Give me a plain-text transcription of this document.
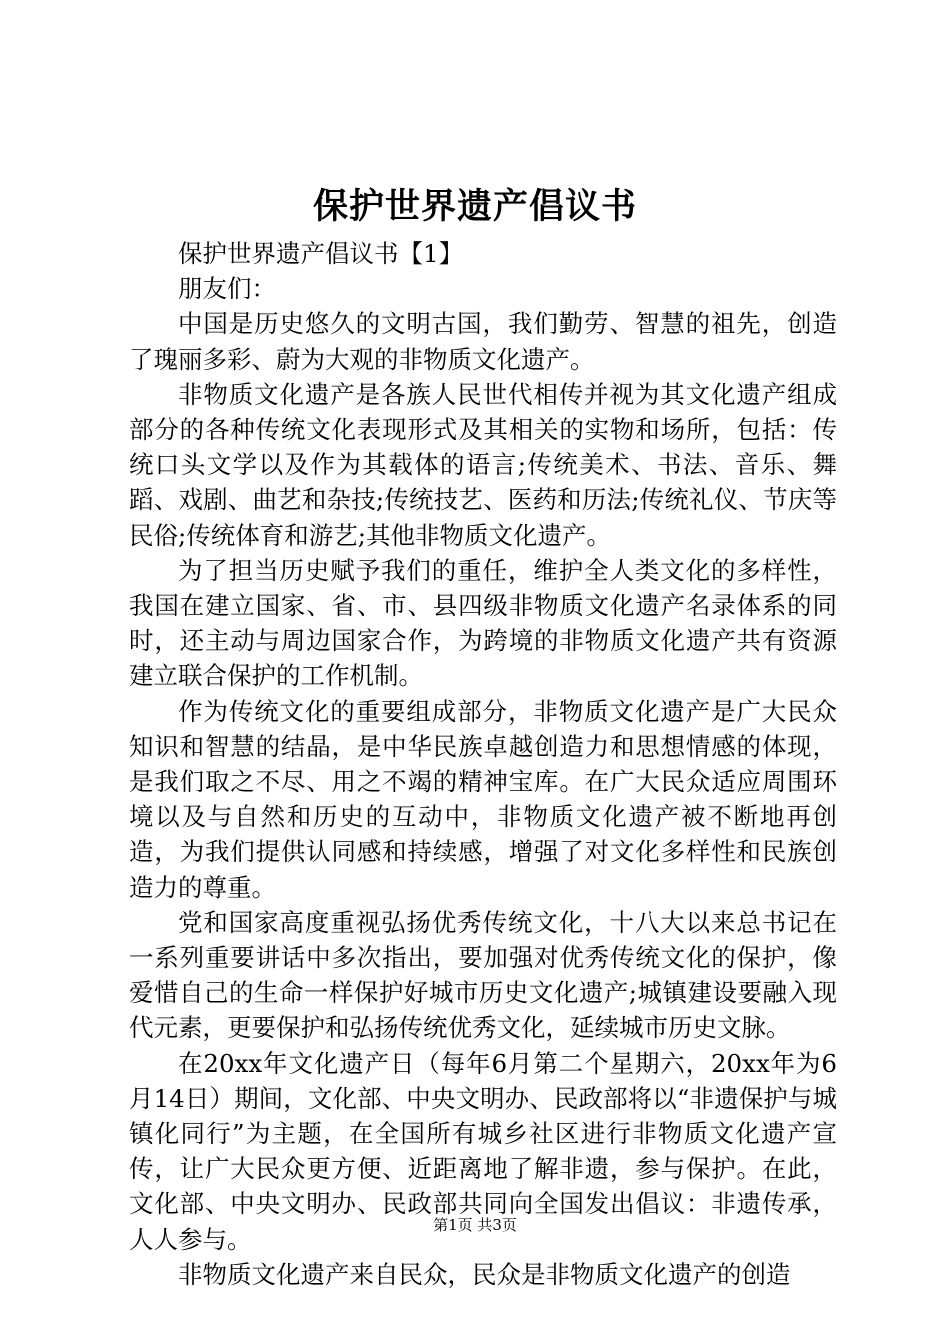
保护世界遗产倡议书

保护世界遗产倡议书【1】

朋友们：

中国是历史悠久的文明古国，我们勤劳、智慧的祖先，创造了瑰丽多彩、蔚为大观的非物质文化遗产。

非物质文化遗产是各族人民世代相传并视为其文化遗产组成部分的各种传统文化表现形式及其相关的实物和场所，包括：传统口头文学以及作为其载体的语言;传统美术、书法、音乐、舞蹈、戏剧、曲艺和杂技;传统技艺、医药和历法;传统礼仪、节庆等民俗;传统体育和游艺;其他非物质文化遗产。

为了担当历史赋予我们的重任，维护全人类文化的多样性，我国在建立国家、省、市、县四级非物质文化遗产名录体系的同时，还主动与周边国家合作，为跨境的非物质文化遗产共有资源建立联合保护的工作机制。

作为传统文化的重要组成部分，非物质文化遗产是广大民众知识和智慧的结晶，是中华民族卓越创造力和思想情感的体现，是我们取之不尽、用之不竭的精神宝库。在广大民众适应周围环境以及与自然和历史的互动中，非物质文化遗产被不断地再创造，为我们提供认同感和持续感，增强了对文化多样性和民族创造力的尊重。

党和国家高度重视弘扬优秀传统文化，十八大以来总书记在一系列重要讲话中多次指出，要加强对优秀传统文化的保护，像爱惜自己的生命一样保护好城市历史文化遗产;城镇建设要融入现代元素，更要保护和弘扬传统优秀文化，延续城市历史文脉。

在20xx年文化遗产日（每年6月第二个星期六，20xx年为6月14日）期间，文化部、中央文明办、民政部将以“非遗保护与城镇化同行”为主题，在全国所有城乡社区进行非物质文化遗产宣传，让广大民众更方便、近距离地了解非遗，参与保护。在此，文化部、中央文明办、民政部共同向全国发出倡议：非遗传承，人人参与。

非物质文化遗产来自民众，民众是非物质文化遗产的创造

第1页 共3页
